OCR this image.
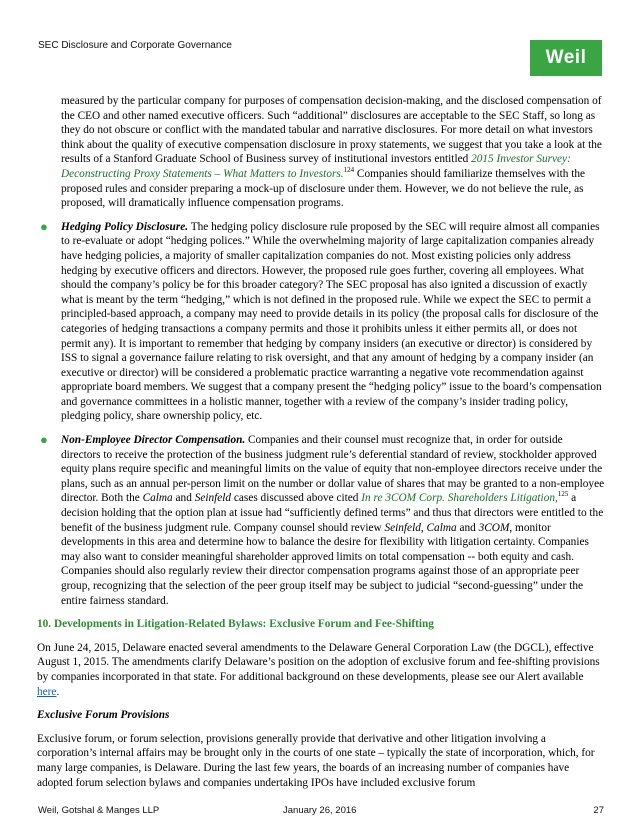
SEC Disclosure and Corporate Governance
Weil

measured by the particular company for purposes of compensation decision-making, and the disclosed compensation of the CEO and other named executive officers. Such “additional” disclosures are acceptable to the SEC Staff, so long as they do not obscure or conflict with the mandated tabular and narrative disclosures. For more detail on what investors think about the quality of executive compensation disclosure in proxy statements, we suggest that you take a look at the results of a Stanford Graduate School of Business survey of institutional investors entitled 2015 Investor Survey: Deconstructing Proxy Statements – What Matters to Investors.$^{124}$ Companies should familiarize themselves with the proposed rules and consider preparing a mock-up of disclosure under them. However, we do not believe the rule, as proposed, will dramatically influence compensation programs.

● Hedging Policy Disclosure. The hedging policy disclosure rule proposed by the SEC will require almost all companies to re-evaluate or adopt “hedging polices.” While the overwhelming majority of large capitalization companies already have hedging policies, a majority of smaller capitalization companies do not. Most existing policies only address hedging by executive officers and directors. However, the proposed rule goes further, covering all employees. What should the company’s policy be for this broader category? The SEC proposal has also ignited a discussion of exactly what is meant by the term “hedging,” which is not defined in the proposed rule. While we expect the SEC to permit a principled-based approach, a company may need to provide details in its policy (the proposal calls for disclosure of the categories of hedging transactions a company permits and those it prohibits unless it either permits all, or does not permit any). It is important to remember that hedging by company insiders (an executive or director) is considered by ISS to signal a governance failure relating to risk oversight, and that any amount of hedging by a company insider (an executive or director) will be considered a problematic practice warranting a negative vote recommendation against appropriate board members. We suggest that a company present the “hedging policy” issue to the board’s compensation and governance committees in a holistic manner, together with a review of the company’s insider trading policy, pledging policy, share ownership policy, etc.
● Non-Employee Director Compensation. Companies and their counsel must recognize that, in order for outside directors to receive the protection of the business judgment rule’s deferential standard of review, stockholder approved equity plans require specific and meaningful limits on the value of equity that non-employee directors receive under the plans, such as an annual per-person limit on the number or dollar value of shares that may be granted to a non-employee director. Both the Calma and Seinfeld cases discussed above cited In re 3COM Corp. Shareholders Litigation,$^{125}$ a decision holding that the option plan at issue had “sufficiently defined terms” and thus that directors were entitled to the benefit of the business judgment rule. Company counsel should review Seinfeld, Calma and 3COM, monitor developments in this area and determine how to balance the desire for flexibility with litigation certainty. Companies may also want to consider meaningful shareholder approved limits on total compensation -- both equity and cash. Companies should also regularly review their director compensation programs against those of an appropriate peer group, recognizing that the selection of the peer group itself may be subject to judicial “second-guessing” under the entire fairness standard.
10. Developments in Litigation-Related Bylaws: Exclusive Forum and Fee-Shifting

On June 24, 2015, Delaware enacted several amendments to the Delaware General Corporation Law (the DGCL), effective August 1, 2015. The amendments clarify Delaware’s position on the adoption of exclusive forum and fee-shifting provisions by companies incorporated in that state. For additional background on these developments, please see our Alert available here.

Exclusive Forum Provisions

Exclusive forum, or forum selection, provisions generally provide that derivative and other litigation involving a corporation’s internal affairs may be brought only in the courts of one state – typically the state of incorporation, which, for many large companies, is Delaware. During the last few years, the boards of an increasing number of companies have adopted forum selection bylaws and companies undertaking IPOs have included exclusive forum

Weil, Gotshal & Manges LLP	January 26, 2016	27
